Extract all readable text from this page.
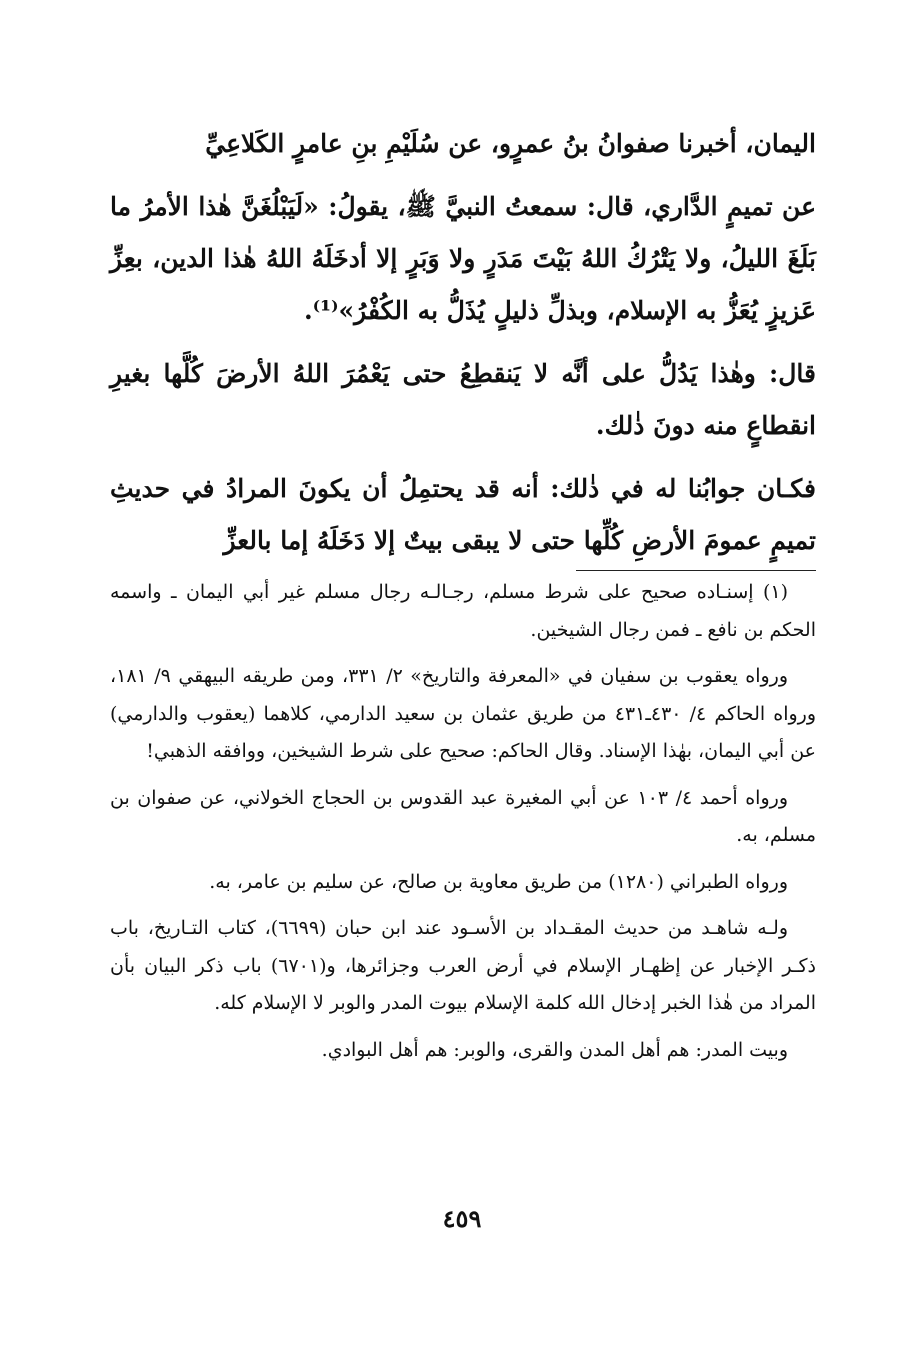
اليمان، أخبرنا صفوانُ بنُ عمرٍو، عن سُلَيْمِ بنِ عامرٍ الكَلاعِيِّ

عن تميمٍ الدَّاري، قال: سمعتُ النبيَّ ﷺ، يقولُ: «لَيَبْلُغَنَّ هٰذا الأمرُ ما بَلَغَ الليلُ، ولا يَتْرُكُ اللهُ بَيْتَ مَدَرٍ ولا وَبَرٍ إلا أدخَلَهُ اللهُ هٰذا الدين، بعِزِّ عَزيزٍ يُعَزُّ به الإسلام، وبذلِّ ذليلٍ يُذَلُّ به الكُفْرُ»⁽¹⁾.

قال: وهٰذا يَدُلُّ على أنَّه لا يَنقطِعُ حتى يَعْمُرَ اللهُ الأرضَ كُلَّها بغيرِ انقطاعٍ منه دونَ ذٰلك.

فكـان جوابُنا له في ذٰلك: أنه قد يحتمِلُ أن يكونَ المرادُ في حديثِ تميمٍ عمومَ الأرضِ كُلِّها حتى لا يبقى بيتٌ إلا دَخَلَهُ إما بالعزِّ

(١) إسنـاده صحيح على شرط مسلم، رجـالـه رجال مسلم غير أبي اليمان ـ واسمه الحكم بن نافع ـ فمن رجال الشيخين.

ورواه يعقوب بن سفيان في «المعرفة والتاريخ» ٢/ ٣٣١، ومن طريقه البيهقي ٩/ ١٨١، ورواه الحاكم ٤/ ٤٣٠ـ٤٣١ من طريق عثمان بن سعيد الدارمي، كلاهما (يعقوب والدارمي) عن أبي اليمان، بهٰذا الإسناد. وقال الحاكم: صحيح على شرط الشيخين، ووافقه الذهبي!

ورواه أحمد ٤/ ١٠٣ عن أبي المغيرة عبد القدوس بن الحجاج الخولاني، عن صفوان بن مسلم، به.

ورواه الطبراني (١٢٨٠) من طريق معاوية بن صالح، عن سليم بن عامر، به.

ولـه شاهـد من حديث المقـداد بن الأسـود عند ابن حبان (٦٦٩٩)، كتاب التـاريخ، باب ذكـر الإخبار عن إظهـار الإسلام في أرض العرب وجزائرها، و(٦٧٠١) باب ذكر البيان بأن المراد من هٰذا الخبر إدخال الله كلمة الإسلام بيوت المدر والوبر لا الإسلام كله.

وبيت المدر: هم أهل المدن والقرى، والوبر: هم أهل البوادي.

٤٥٩
